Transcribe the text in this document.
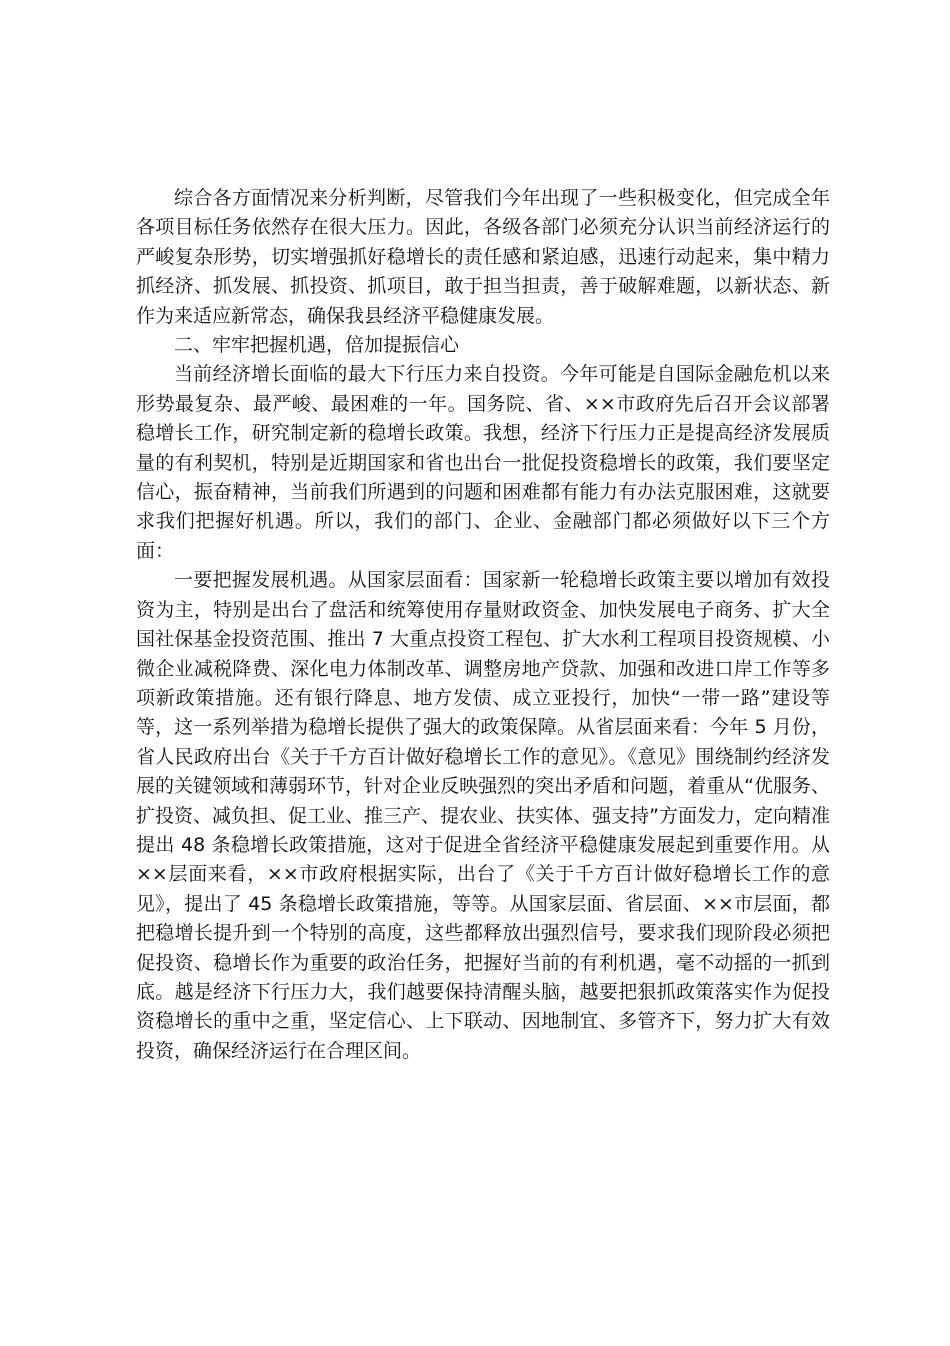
综合各方面情况来分析判断，尽管我们今年出现了一些积极变化，但完成全年各项目标任务依然存在很大压力。因此，各级各部门必须充分认识当前经济运行的严峻复杂形势，切实增强抓好稳增长的责任感和紧迫感，迅速行动起来，集中精力抓经济、抓发展、抓投资、抓项目，敢于担当担责，善于破解难题，以新状态、新作为来适应新常态，确保我县经济平稳健康发展。

二、牢牢把握机遇，倍加提振信心

当前经济增长面临的最大下行压力来自投资。今年可能是自国际金融危机以来形势最复杂、最严峻、最困难的一年。国务院、省、××市政府先后召开会议部署稳增长工作，研究制定新的稳增长政策。我想，经济下行压力正是提高经济发展质量的有利契机，特别是近期国家和省也出台一批促投资稳增长的政策，我们要坚定信心，振奋精神，当前我们所遇到的问题和困难都有能力有办法克服困难，这就要求我们把握好机遇。所以，我们的部门、企业、金融部门都必须做好以下三个方面：

一要把握发展机遇。从国家层面看：国家新一轮稳增长政策主要以增加有效投资为主，特别是出台了盘活和统筹使用存量财政资金、加快发展电子商务、扩大全国社保基金投资范围、推出 7 大重点投资工程包、扩大水利工程项目投资规模、小微企业减税降费、深化电力体制改革、调整房地产贷款、加强和改进口岸工作等多项新政策措施。还有银行降息、地方发债、成立亚投行，加快“一带一路”建设等等，这一系列举措为稳增长提供了强大的政策保障。从省层面来看：今年 5 月份，省人民政府出台《关于千方百计做好稳增长工作的意见》。《意见》围绕制约经济发展的关键领域和薄弱环节，针对企业反映强烈的突出矛盾和问题，着重从“优服务、扩投资、减负担、促工业、推三产、提农业、扶实体、强支持”方面发力，定向精准提出 48 条稳增长政策措施，这对于促进全省经济平稳健康发展起到重要作用。从××层面来看，××市政府根据实际，出台了《关于千方百计做好稳增长工作的意见》，提出了 45 条稳增长政策措施，等等。从国家层面、省层面、××市层面，都把稳增长提升到一个特别的高度，这些都释放出强烈信号，要求我们现阶段必须把促投资、稳增长作为重要的政治任务，把握好当前的有利机遇，毫不动摇的一抓到底。越是经济下行压力大，我们越要保持清醒头脑，越要把狠抓政策落实作为促投资稳增长的重中之重，坚定信心、上下联动、因地制宜、多管齐下，努力扩大有效投资，确保经济运行在合理区间。
